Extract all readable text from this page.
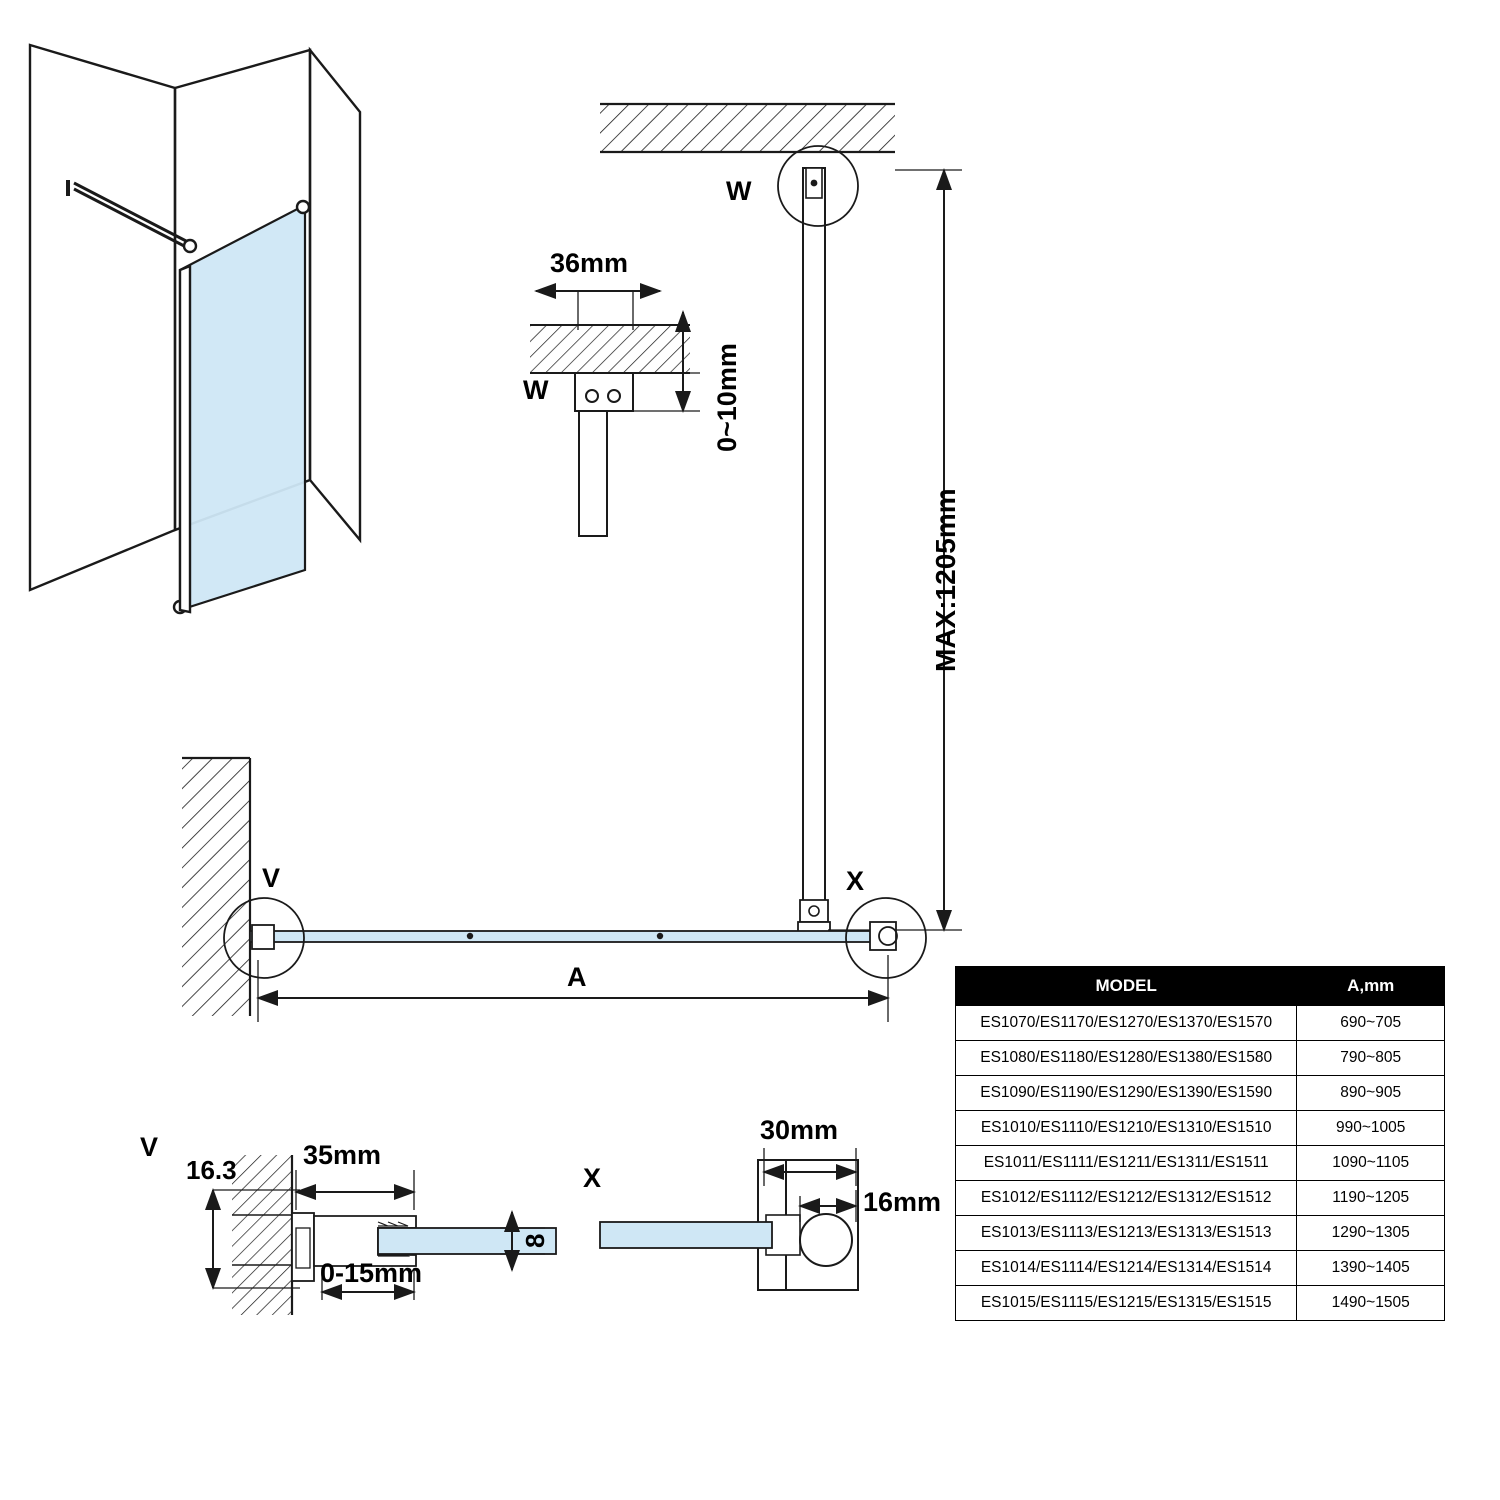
W
W
36mm
0~10mm
MAX:1205mm
V	X
A
V
16.3 35mm
0-15mm
8
X
30mm
16mm
MODEL	A,mm
ES1070/ES1170/ES1270/ES1370/ES1570	690~705
ES1080/ES1180/ES1280/ES1380/ES1580	790~805
ES1090/ES1190/ES1290/ES1390/ES1590	890~905
ES1010/ES1110/ES1210/ES1310/ES1510	990~1005
ES1011/ES1111/ES1211/ES1311/ES1511	1090~1105
ES1012/ES1112/ES1212/ES1312/ES1512	1190~1205
ES1013/ES1113/ES1213/ES1313/ES1513	1290~1305
ES1014/ES1114/ES1214/ES1314/ES1514	1390~1405
ES1015/ES1115/ES1215/ES1315/ES1515	1490~1505
